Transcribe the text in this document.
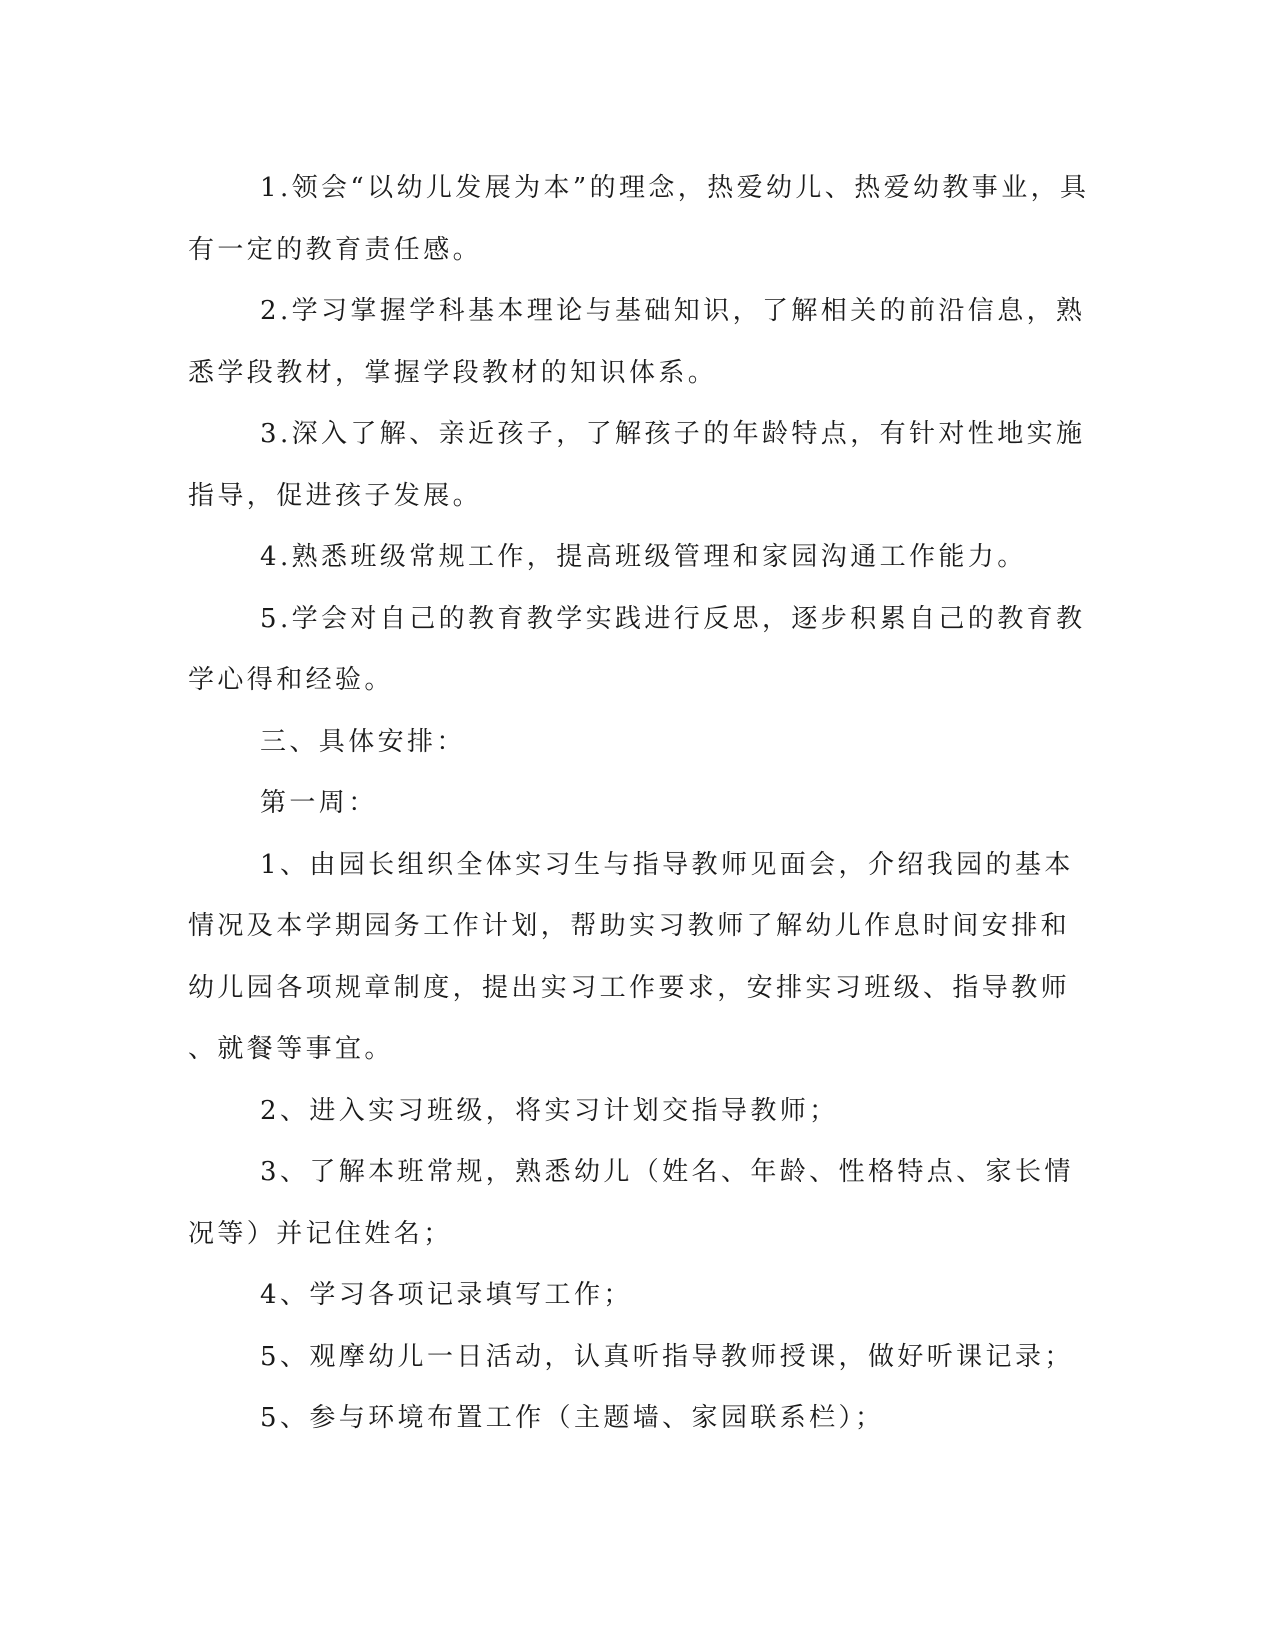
1.领会“以幼儿发展为本”的理念，热爱幼儿、热爱幼教事业，具
有一定的教育责任感。
2.学习掌握学科基本理论与基础知识，了解相关的前沿信息，熟
悉学段教材，掌握学段教材的知识体系。
3.深入了解、亲近孩子，了解孩子的年龄特点，有针对性地实施
指导，促进孩子发展。
4.熟悉班级常规工作，提高班级管理和家园沟通工作能力。
5.学会对自己的教育教学实践进行反思，逐步积累自己的教育教
学心得和经验。
三、具体安排：
第一周：
1、由园长组织全体实习生与指导教师见面会，介绍我园的基本
情况及本学期园务工作计划，帮助实习教师了解幼儿作息时间安排和
幼儿园各项规章制度，提出实习工作要求，安排实习班级、指导教师
、就餐等事宜。
2、进入实习班级，将实习计划交指导教师；
3、了解本班常规，熟悉幼儿（姓名、年龄、性格特点、家长情
况等）并记住姓名；
4、学习各项记录填写工作；
5、观摩幼儿一日活动，认真听指导教师授课，做好听课记录；
5、参与环境布置工作（主题墙、家园联系栏）；
